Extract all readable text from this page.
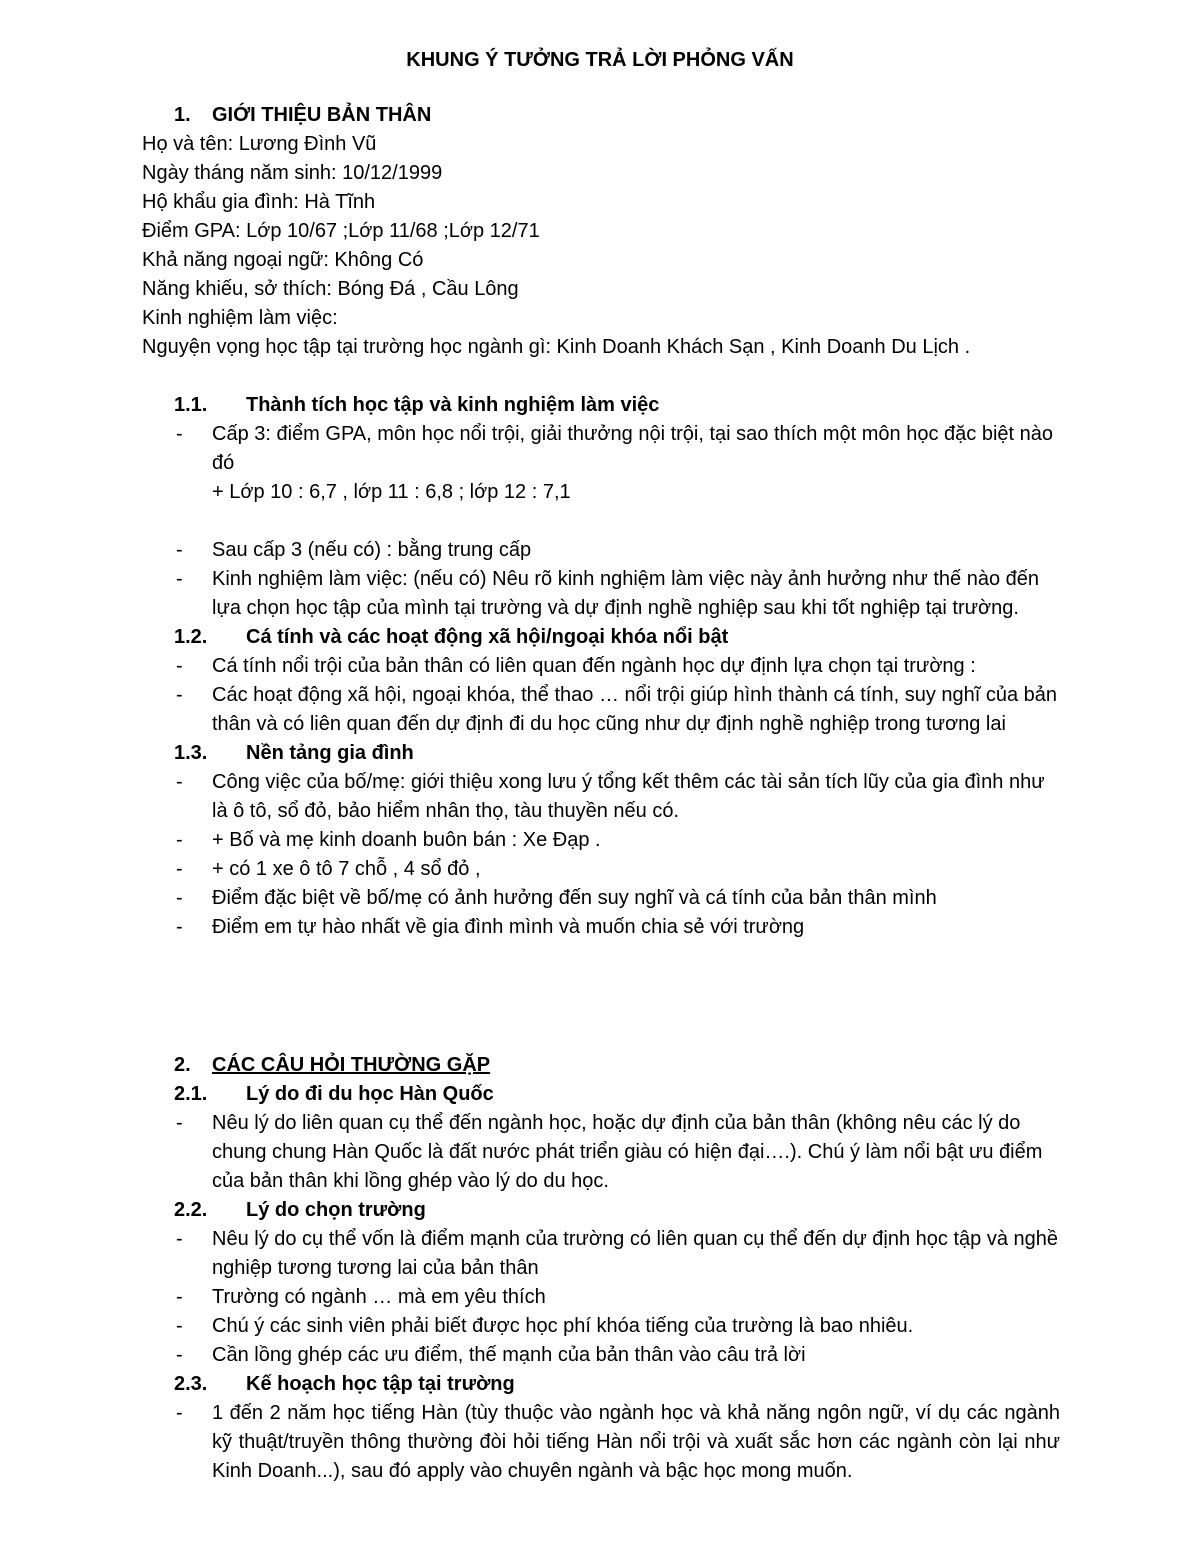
KHUNG Ý TƯỞNG TRẢ LỜI PHỎNG VẤN
1. GIỚI THIỆU BẢN THÂN
Họ và tên: Lương Đình Vũ
Ngày tháng năm sinh: 10/12/1999
Hộ khẩu gia đình: Hà Tĩnh
Điểm GPA: Lớp 10/67 ;Lớp 11/68 ;Lớp 12/71
Khả năng ngoại ngữ: Không Có
Năng khiếu, sở thích: Bóng Đá , Cầu Lông
Kinh nghiệm làm việc:
Nguyện vọng học tập tại trường học ngành gì: Kinh Doanh Khách Sạn , Kinh Doanh Du Lịch .
1.1. Thành tích học tập và kinh nghiệm làm việc
- Cấp 3: điểm GPA, môn học nổi trội, giải thưởng nội trội, tại sao thích một môn học đặc biệt nào đó
+ Lớp 10 : 6,7 , lớp 11 : 6,8 ; lớp 12 : 7,1
- Sau cấp 3 (nếu có) : bằng trung cấp
- Kinh nghiệm làm việc: (nếu có) Nêu rõ kinh nghiệm làm việc này ảnh hưởng như thế nào đến lựa chọn học tập của mình tại trường và dự định nghề nghiệp sau khi tốt nghiệp tại trường.
1.2. Cá tính và các hoạt động xã hội/ngoại khóa nổi bật
- Cá tính nổi trội của bản thân có liên quan đến ngành học dự định lựa chọn tại trường :
- Các hoạt động xã hội, ngoại khóa, thể thao … nổi trội giúp hình thành cá tính, suy nghĩ của bản thân và có liên quan đến dự định đi du học cũng như dự định nghề nghiệp trong tương lai
1.3. Nền tảng gia đình
- Công việc của bố/mẹ: giới thiệu xong lưu ý tổng kết thêm các tài sản tích lũy của gia đình như là ô tô, sổ đỏ, bảo hiểm nhân thọ, tàu thuyền nếu có.
- + Bố và mẹ kinh doanh buôn bán : Xe Đạp .
- + có 1 xe ô tô 7 chỗ , 4 sổ đỏ ,
- Điểm đặc biệt về bố/mẹ có ảnh hưởng đến suy nghĩ và cá tính của bản thân mình
- Điểm em tự hào nhất về gia đình mình và muốn chia sẻ với trường
2. CÁC CÂU HỎI THƯỜNG GẶP
2.1. Lý do đi du học Hàn Quốc
- Nêu lý do liên quan cụ thể đến ngành học, hoặc dự định của bản thân (không nêu các lý do chung chung Hàn Quốc là đất nước phát triển giàu có hiện đại….). Chú ý làm nổi bật ưu điểm của bản thân khi lồng ghép vào lý do du học.
2.2. Lý do chọn trường
- Nêu lý do cụ thể vốn là điểm mạnh của trường có liên quan cụ thể đến dự định học tập và nghề nghiệp tương tương lai của bản thân
- Trường có ngành … mà em yêu thích
- Chú ý các sinh viên phải biết được học phí khóa tiếng của trường là bao nhiêu.
- Cần lồng ghép các ưu điểm, thế mạnh của bản thân vào câu trả lời
2.3. Kế hoạch học tập tại trường
- 1 đến 2 năm học tiếng Hàn (tùy thuộc vào ngành học và khả năng ngôn ngữ, ví dụ các ngành kỹ thuật/truyền thông thường đòi hỏi tiếng Hàn nổi trội và xuất sắc hơn các ngành còn lại như Kinh Doanh...), sau đó apply vào chuyên ngành và bậc học mong muốn.
